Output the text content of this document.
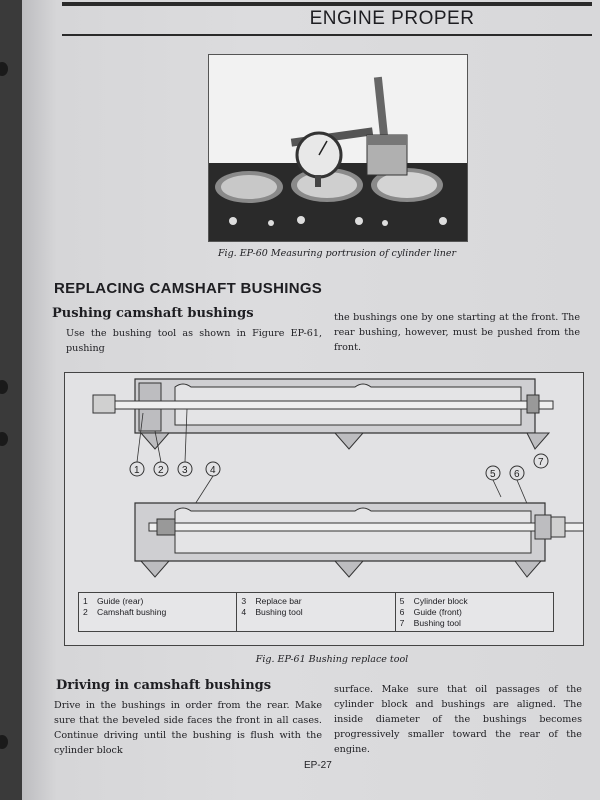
ENGINE PROPER
Fig. EP-60 Measuring portrusion of cylinder liner
REPLACING CAMSHAFT BUSHINGS
Pushing camshaft bushings
Use the bushing tool as shown in Figure EP-61, pushing
the bushings one by one starting at the front. The rear bushing, however, must be pushed from the front.
1 2 3 4	5 6
7
1	Guide (rear)
2	Camshaft bushing
3	Replace bar
4	Bushing tool
5	Cylinder block
6	Guide (front)
7	Bushing tool
Fig. EP-61 Bushing replace tool
Driving in camshaft bushings
Drive in the bushings in order from the rear. Make sure that the beveled side faces the front in all cases. Continue driving until the bushing is flush with the cylinder block
surface. Make sure that oil passages of the cylinder block and bushings are aligned. The inside diameter of the bushings becomes progressively smaller toward the rear of the engine.
EP-27
